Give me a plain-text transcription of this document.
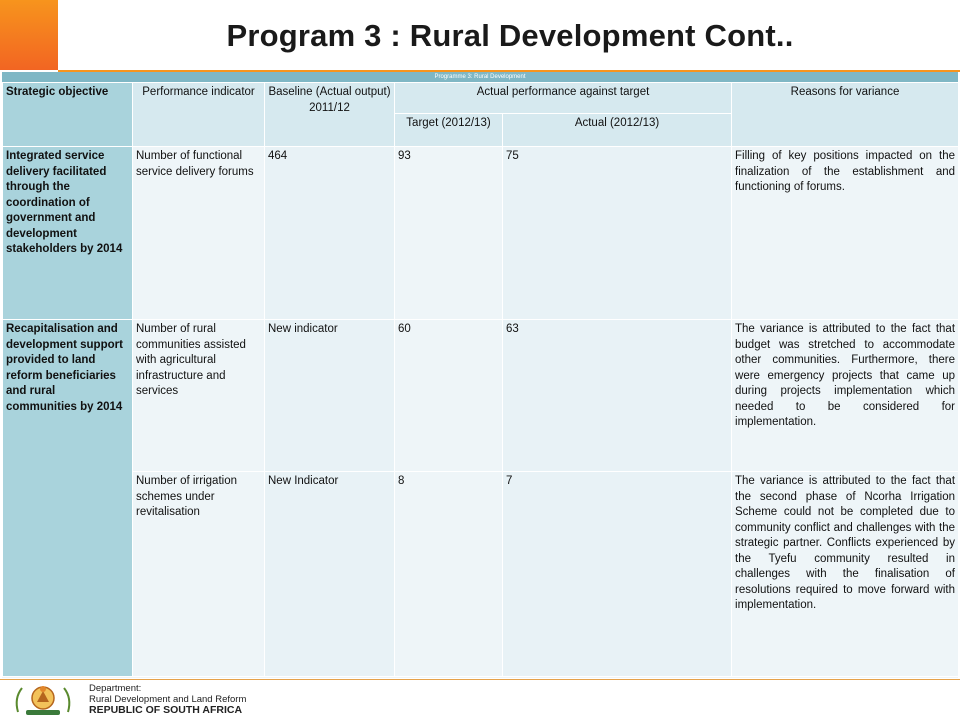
Program 3 : Rural Development Cont..
Programme 3: Rural Development
Strategic objective	Performance indicator	Baseline (Actual output) 2011/12	Actual performance against target		Reasons for variance
			Target (2012/13)	Actual (2012/13)	
Integrated service delivery facilitated through the coordination of government and development stakeholders by 2014	Number of functional service delivery forums	464	93	75	Filling of key positions impacted on the finalization of the establishment and functioning of forums.
Recapitalisation and development support provided to land reform beneficiaries and rural communities by 2014	Number of rural communities assisted with agricultural infrastructure and services	New indicator	60	63	The variance is attributed to the fact that budget was stretched to accommodate other communities. Furthermore, there were emergency projects that came up during projects implementation which needed to be considered for implementation.
	Number of irrigation schemes under revitalisation	New Indicator	8	7	The variance is attributed to the fact that the second phase of Ncorha Irrigation Scheme could not be completed due to community conflict and challenges with the strategic partner. Conflicts experienced by the Tyefu community resulted in challenges with the finalisation of resolutions required to move forward with implementation.
Department:
Rural Development and Land Reform
REPUBLIC OF SOUTH AFRICA
